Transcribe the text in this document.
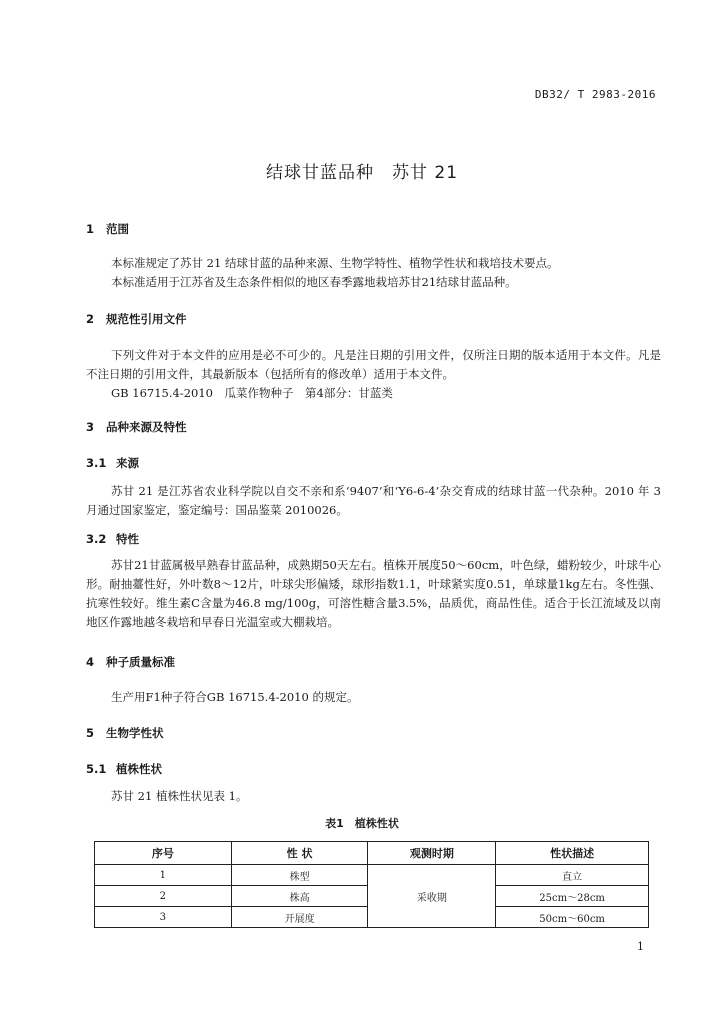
DB32/ T 2983-2016
结球甘蓝品种　苏甘 21
1 范围
本标准规定了苏甘 21 结球甘蓝的品种来源、生物学特性、植物学性状和栽培技术要点。
本标准适用于江苏省及生态条件相似的地区春季露地栽培苏甘21结球甘蓝品种。
2 规范性引用文件
下列文件对于本文件的应用是必不可少的。凡是注日期的引用文件，仅所注日期的版本适用于本文件。凡是不注日期的引用文件，其最新版本（包括所有的修改单）适用于本文件。
GB 16715.4-2010　瓜菜作物种子　第4部分：甘蓝类
3 品种来源及特性
3.1 来源
苏甘 21 是江苏省农业科学院以自交不亲和系‘9407’和‘Y6-6-4’杂交育成的结球甘蓝一代杂种。2010 年 3 月通过国家鉴定，鉴定编号：国品鉴菜 2010026。
3.2 特性
苏甘21甘蓝属极早熟春甘蓝品种，成熟期50天左右。植株开展度50～60cm，叶色绿，蜡粉较少，叶球牛心形。耐抽薹性好，外叶数8～12片，叶球尖形偏矮，球形指数1.1，叶球紧实度0.51，单球量1kg左右。冬性强、抗寒性较好。维生素C含量为46.8 mg/100g，可溶性糖含量3.5%，品质优，商品性佳。适合于长江流域及以南地区作露地越冬栽培和早春日光温室或大棚栽培。
4 种子质量标准
生产用F1种子符合GB 16715.4-2010 的规定。
5 生物学性状
5.1 植株性状
苏甘 21 植株性状见表 1。
表1　植株性状
序号	性 状	观测时期	性状描述
1	株型	采收期	直立
2	株高		25cm～28cm
3	开展度		50cm～60cm
1
